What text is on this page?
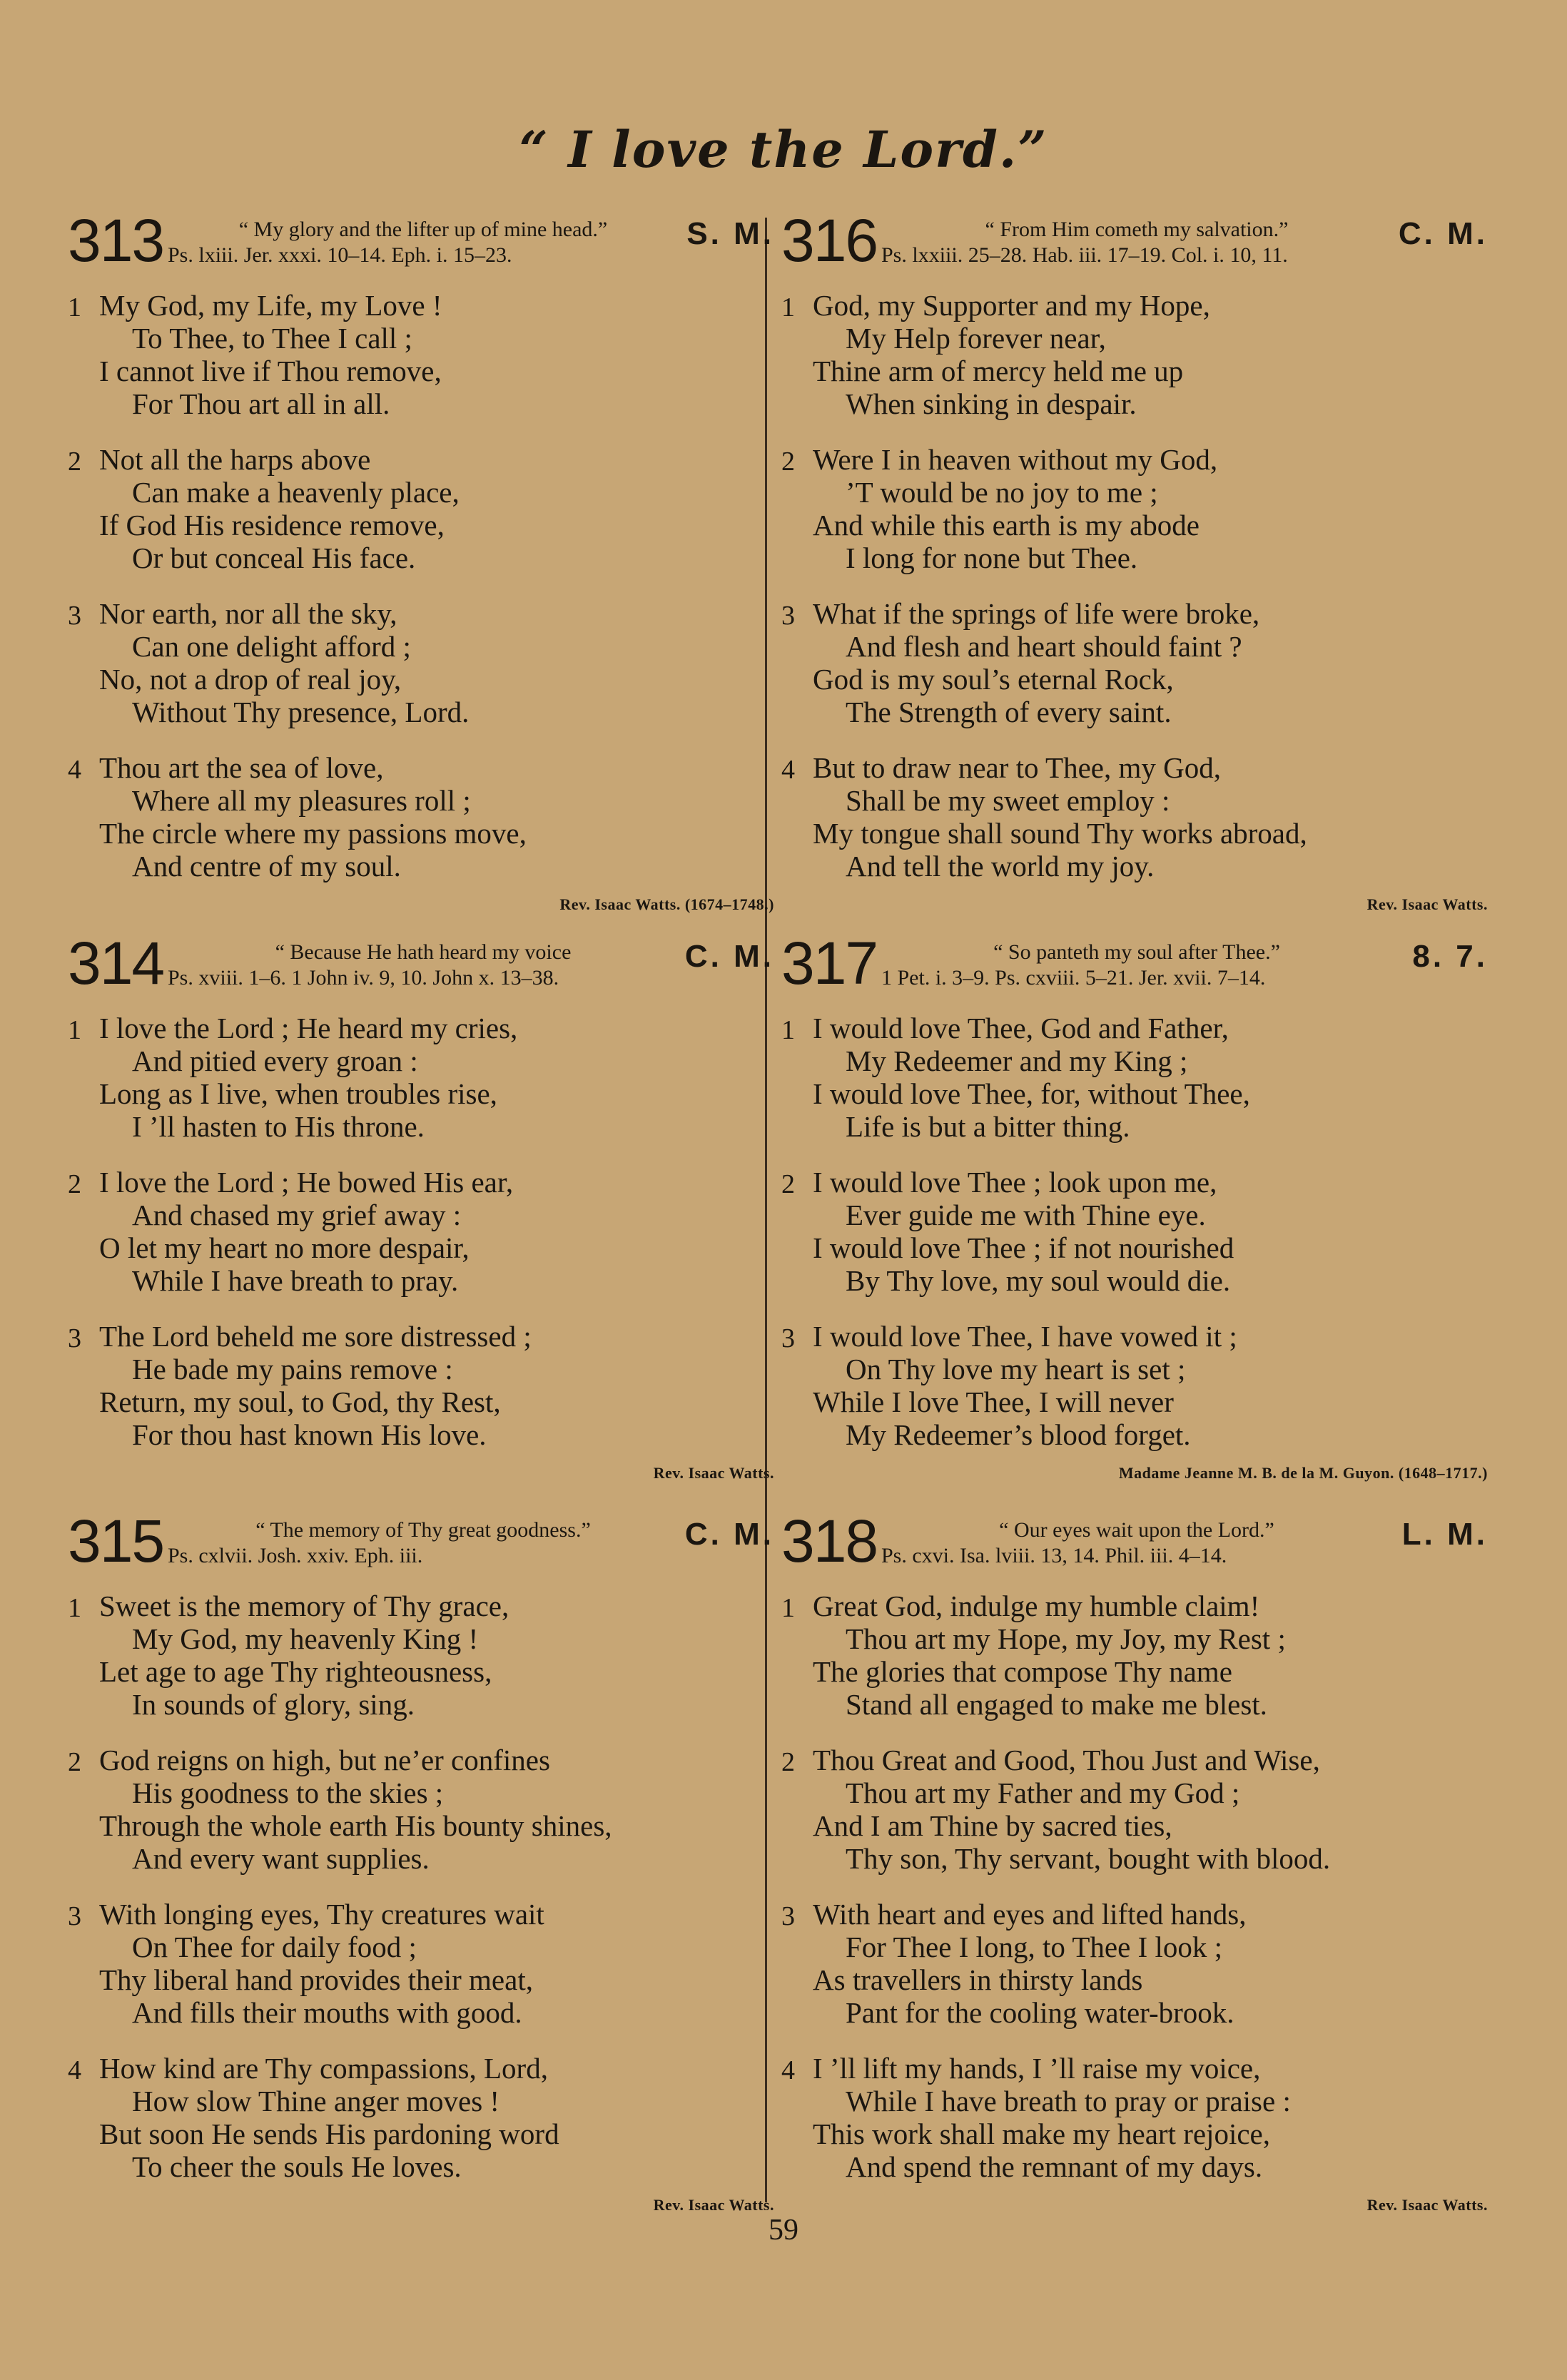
“ I love the Lord.”
313	“ My glory and the lifter up of mine head.”
Ps. lxiii. Jer. xxxi. 10–14. Eph. i. 15–23.
S. M.
1 My God, my Life, my Love !
To Thee, to Thee I call ;
I cannot live if Thou remove,
For Thou art all in all.
2 Not all the harps above
Can make a heavenly place,
If God His residence remove,
Or but conceal His face.
3 Nor earth, nor all the sky,
Can one delight afford ;
No, not a drop of real joy,
Without Thy presence, Lord.
4 Thou art the sea of love,
Where all my pleasures roll ;
The circle where my passions move,
And centre of my soul.
Rev. Isaac Watts. (1674–1748.)
314	“ Because He hath heard my voice
Ps. xviii. 1–6. 1 John iv. 9, 10. John x. 13–38.
C. M.
1 I love the Lord ; He heard my cries,
And pitied every groan :
Long as I live, when troubles rise,
I ’ll hasten to His throne.
2 I love the Lord ; He bowed His ear,
And chased my grief away :
O let my heart no more despair,
While I have breath to pray.
3 The Lord beheld me sore distressed ;
He bade my pains remove :
Return, my soul, to God, thy Rest,
For thou hast known His love.
Rev. Isaac Watts.
315	“ The memory of Thy great goodness.”
Ps. cxlvii. Josh. xxiv. Eph. iii.
C. M.
1 Sweet is the memory of Thy grace,
My God, my heavenly King !
Let age to age Thy righteousness,
In sounds of glory, sing.
2 God reigns on high, but ne’er confines
His goodness to the skies ;
Through the whole earth His bounty shines,
And every want supplies.
3 With longing eyes, Thy creatures wait
On Thee for daily food ;
Thy liberal hand provides their meat,
And fills their mouths with good.
4 How kind are Thy compassions, Lord,
How slow Thine anger moves !
But soon He sends His pardoning word
To cheer the souls He loves.
Rev. Isaac Watts.
316	“ From Him cometh my salvation.”
Ps. lxxiii. 25–28. Hab. iii. 17–19. Col. i. 10, 11.
C. M.
1 God, my Supporter and my Hope,
My Help forever near,
Thine arm of mercy held me up
When sinking in despair.
2 Were I in heaven without my God,
’T would be no joy to me ;
And while this earth is my abode
I long for none but Thee.
3 What if the springs of life were broke,
And flesh and heart should faint ?
God is my soul’s eternal Rock,
The Strength of every saint.
4 But to draw near to Thee, my God,
Shall be my sweet employ :
My tongue shall sound Thy works abroad,
And tell the world my joy.
Rev. Isaac Watts.
317	“ So panteth my soul after Thee.”
1 Pet. i. 3–9. Ps. cxviii. 5–21. Jer. xvii. 7–14.
8. 7.
1 I would love Thee, God and Father,
My Redeemer and my King ;
I would love Thee, for, without Thee,
Life is but a bitter thing.
2 I would love Thee ; look upon me,
Ever guide me with Thine eye.
I would love Thee ; if not nourished
By Thy love, my soul would die.
3 I would love Thee, I have vowed it ;
On Thy love my heart is set ;
While I love Thee, I will never
My Redeemer’s blood forget.
Madame Jeanne M. B. de la M. Guyon. (1648–1717.)
318	“ Our eyes wait upon the Lord.”
Ps. cxvi. Isa. lviii. 13, 14. Phil. iii. 4–14.
L. M.
1 Great God, indulge my humble claim!
Thou art my Hope, my Joy, my Rest ;
The glories that compose Thy name
Stand all engaged to make me blest.
2 Thou Great and Good, Thou Just and Wise,
Thou art my Father and my God ;
And I am Thine by sacred ties,
Thy son, Thy servant, bought with blood.
3 With heart and eyes and lifted hands,
For Thee I long, to Thee I look ;
As travellers in thirsty lands
Pant for the cooling water-brook.
4 I ’ll lift my hands, I ’ll raise my voice,
While I have breath to pray or praise :
This work shall make my heart rejoice,
And spend the remnant of my days.
Rev. Isaac Watts.
59
